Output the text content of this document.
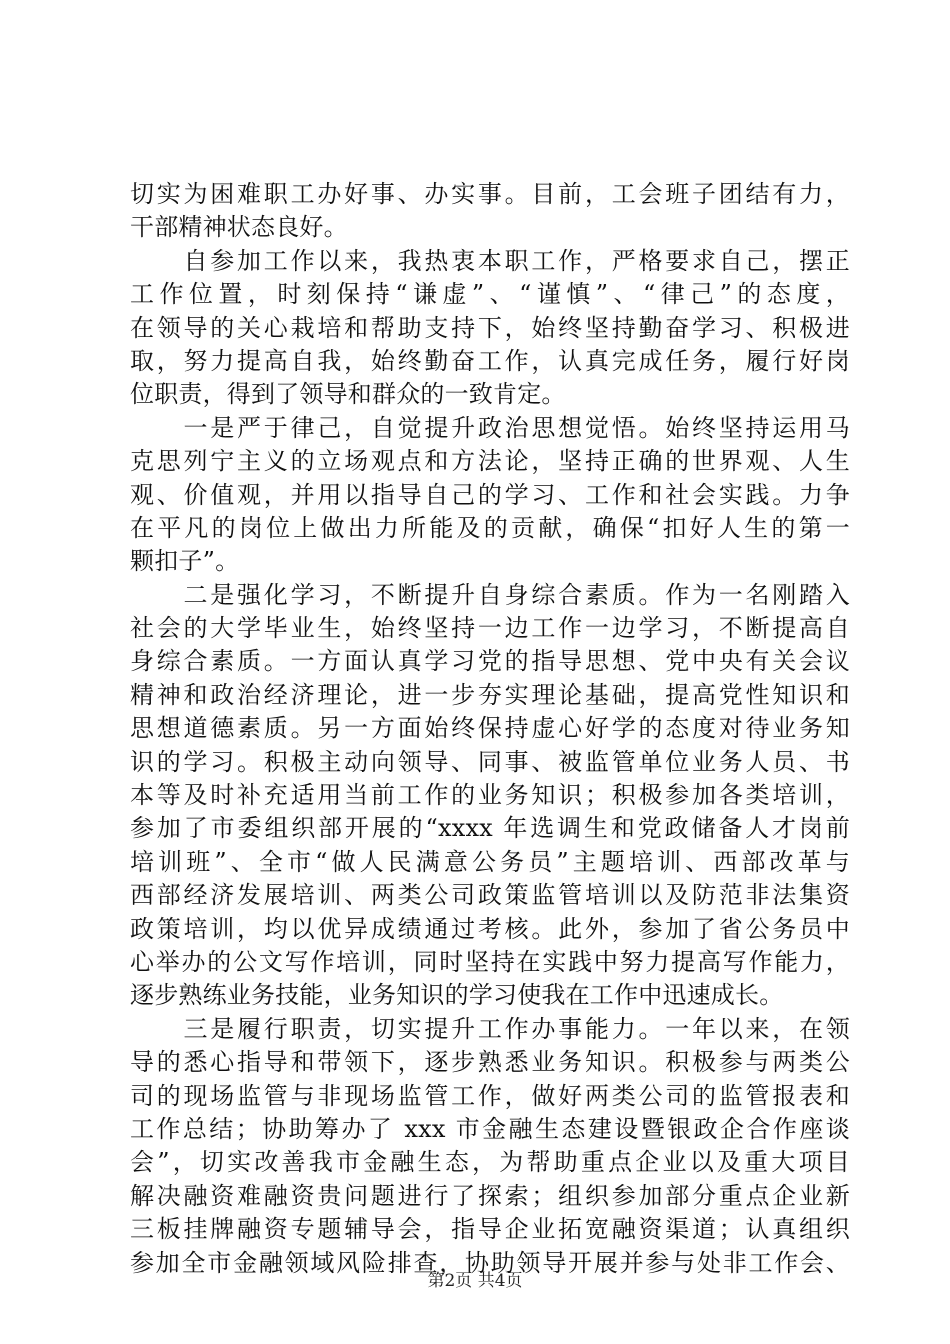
切实为困难职工办好事、办实事。目前，工会班子团结有力，
干部精神状态良好。
　　自参加工作以来，我热衷本职工作，严格要求自己，摆正
工作位置，时刻保持“谦虚”、“谨慎”、“律己”的态度，
在领导的关心栽培和帮助支持下，始终坚持勤奋学习、积极进
取，努力提高自我，始终勤奋工作，认真完成任务，履行好岗
位职责，得到了领导和群众的一致肯定。
　　一是严于律己，自觉提升政治思想觉悟。始终坚持运用马
克思列宁主义的立场观点和方法论，坚持正确的世界观、人生
观、价值观，并用以指导自己的学习、工作和社会实践。力争
在平凡的岗位上做出力所能及的贡献，确保“扣好人生的第一
颗扣子”。
　　二是强化学习，不断提升自身综合素质。作为一名刚踏入
社会的大学毕业生，始终坚持一边工作一边学习，不断提高自
身综合素质。一方面认真学习党的指导思想、党中央有关会议
精神和政治经济理论，进一步夯实理论基础，提高党性知识和
思想道德素质。另一方面始终保持虚心好学的态度对待业务知
识的学习。积极主动向领导、同事、被监管单位业务人员、书
本等及时补充适用当前工作的业务知识；积极参加各类培训，
参加了市委组织部开展的“xxxx 年选调生和党政储备人才岗前
培训班”、全市“做人民满意公务员”主题培训、西部改革与
西部经济发展培训、两类公司政策监管培训以及防范非法集资
政策培训，均以优异成绩通过考核。此外，参加了省公务员中
心举办的公文写作培训，同时坚持在实践中努力提高写作能力，
逐步熟练业务技能，业务知识的学习使我在工作中迅速成长。
　　三是履行职责，切实提升工作办事能力。一年以来，在领
导的悉心指导和带领下，逐步熟悉业务知识。积极参与两类公
司的现场监管与非现场监管工作，做好两类公司的监管报表和
工作总结；协助筹办了 xxx 市金融生态建设暨银政企合作座谈
会”，切实改善我市金融生态，为帮助重点企业以及重大项目
解决融资难融资贵问题进行了探索；组织参加部分重点企业新
三板挂牌融资专题辅导会，指导企业拓宽融资渠道；认真组织
参加全市金融领域风险排查，协助领导开展并参与处非工作会、
第2页 共4页
